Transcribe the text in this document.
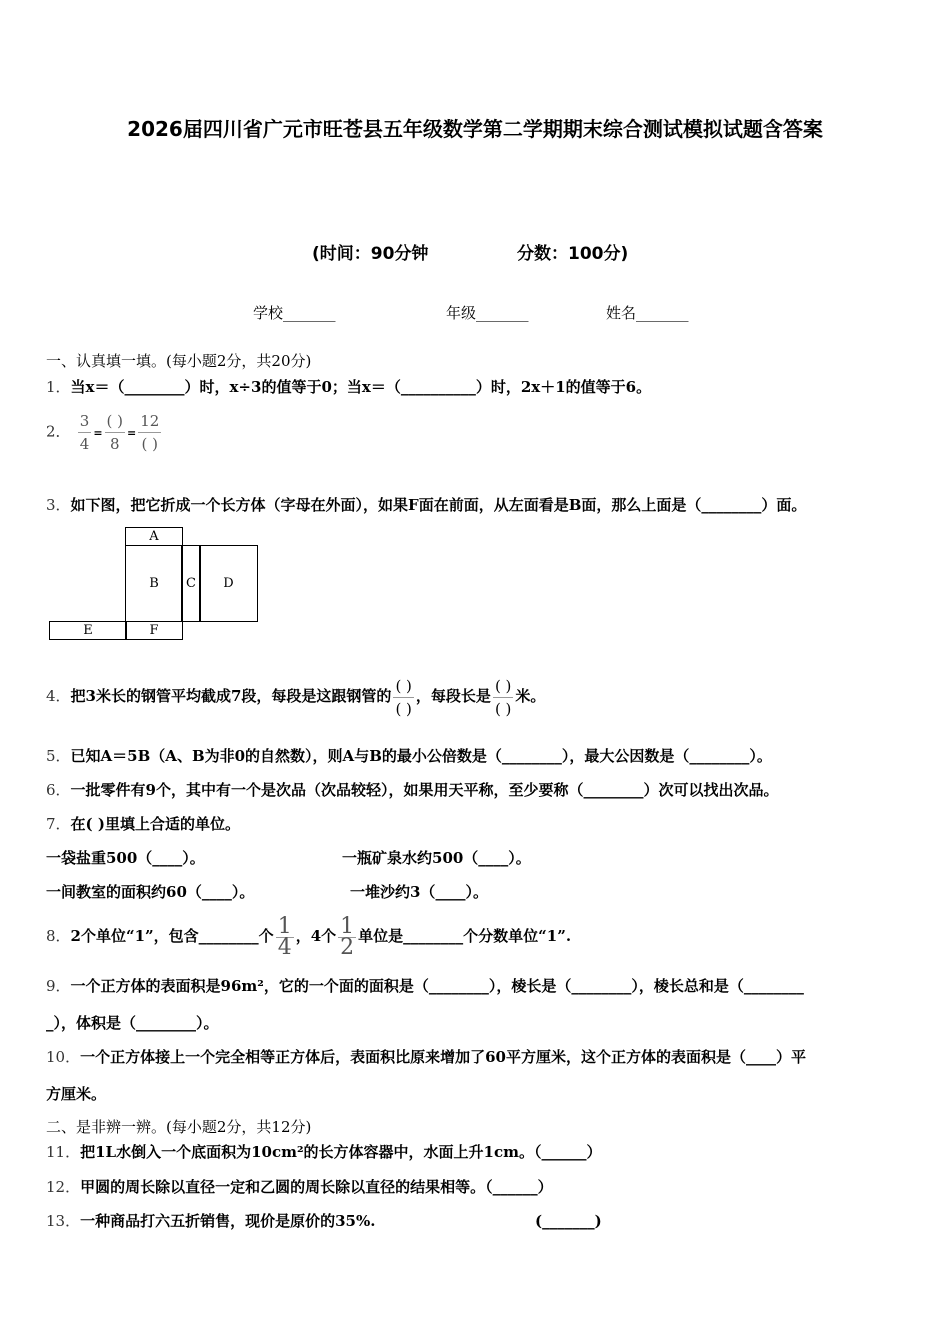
2026届四川省广元市旺苍县五年级数学第二学期期末综合测试模拟试题含答案
(时间：90分钟	分数：100分)
学校_______	年级_______	姓名_______
一、认真填一填。(每小题2分，共20分)
1．当x＝（________）时，x÷3的值等于0；当x＝（__________）时，2x＋1的值等于6。
2． $\frac{3}{4} = \frac{( )}{8} = \frac{12}{( )}$
3．如下图，把它折成一个长方体（字母在外面），如果F面在前面，从左面看是B面，那么上面是（________）面。
A
B	C	D
E	F
4．把3米长的钢管平均截成7段，每段是这跟钢管的 $\frac{( )}{( )}$ ，每段长是 $\frac{( )}{( )}$ 米。
5．已知A＝5B（A、B为非0的自然数），则A与B的最小公倍数是（________），最大公因数是（________）。
6．一批零件有9个，其中有一个是次品（次品较轻），如果用天平称，至少要称（________）次可以找出次品。
7．在( )里填上合适的单位。
一袋盐重500（____）。	一瓶矿泉水约500（____）。
一间教室的面积约60（____）。	一堆沙约3（____）。
8．2个单位“1”，包含________个 $\frac{1}{4}$ ，4个 $\frac{1}{2}$ 单位是________个分数单位“1”.
9．一个正方体的表面积是96m²，它的一个面的面积是（________），棱长是（________），棱长总和是（________
_），体积是（________）。
10．一个正方体接上一个完全相等正方体后，表面积比原来增加了60平方厘米，这个正方体的表面积是（____）平
方厘米。
二、是非辨一辨。(每小题2分，共12分)
11．把1L水倒入一个底面积为10cm²的长方体容器中，水面上升1cm。（______）
12．甲圆的周长除以直径一定和乙圆的周长除以直径的结果相等。（______）
13．一种商品打六五折销售，现价是原价的35%.	(_______)
